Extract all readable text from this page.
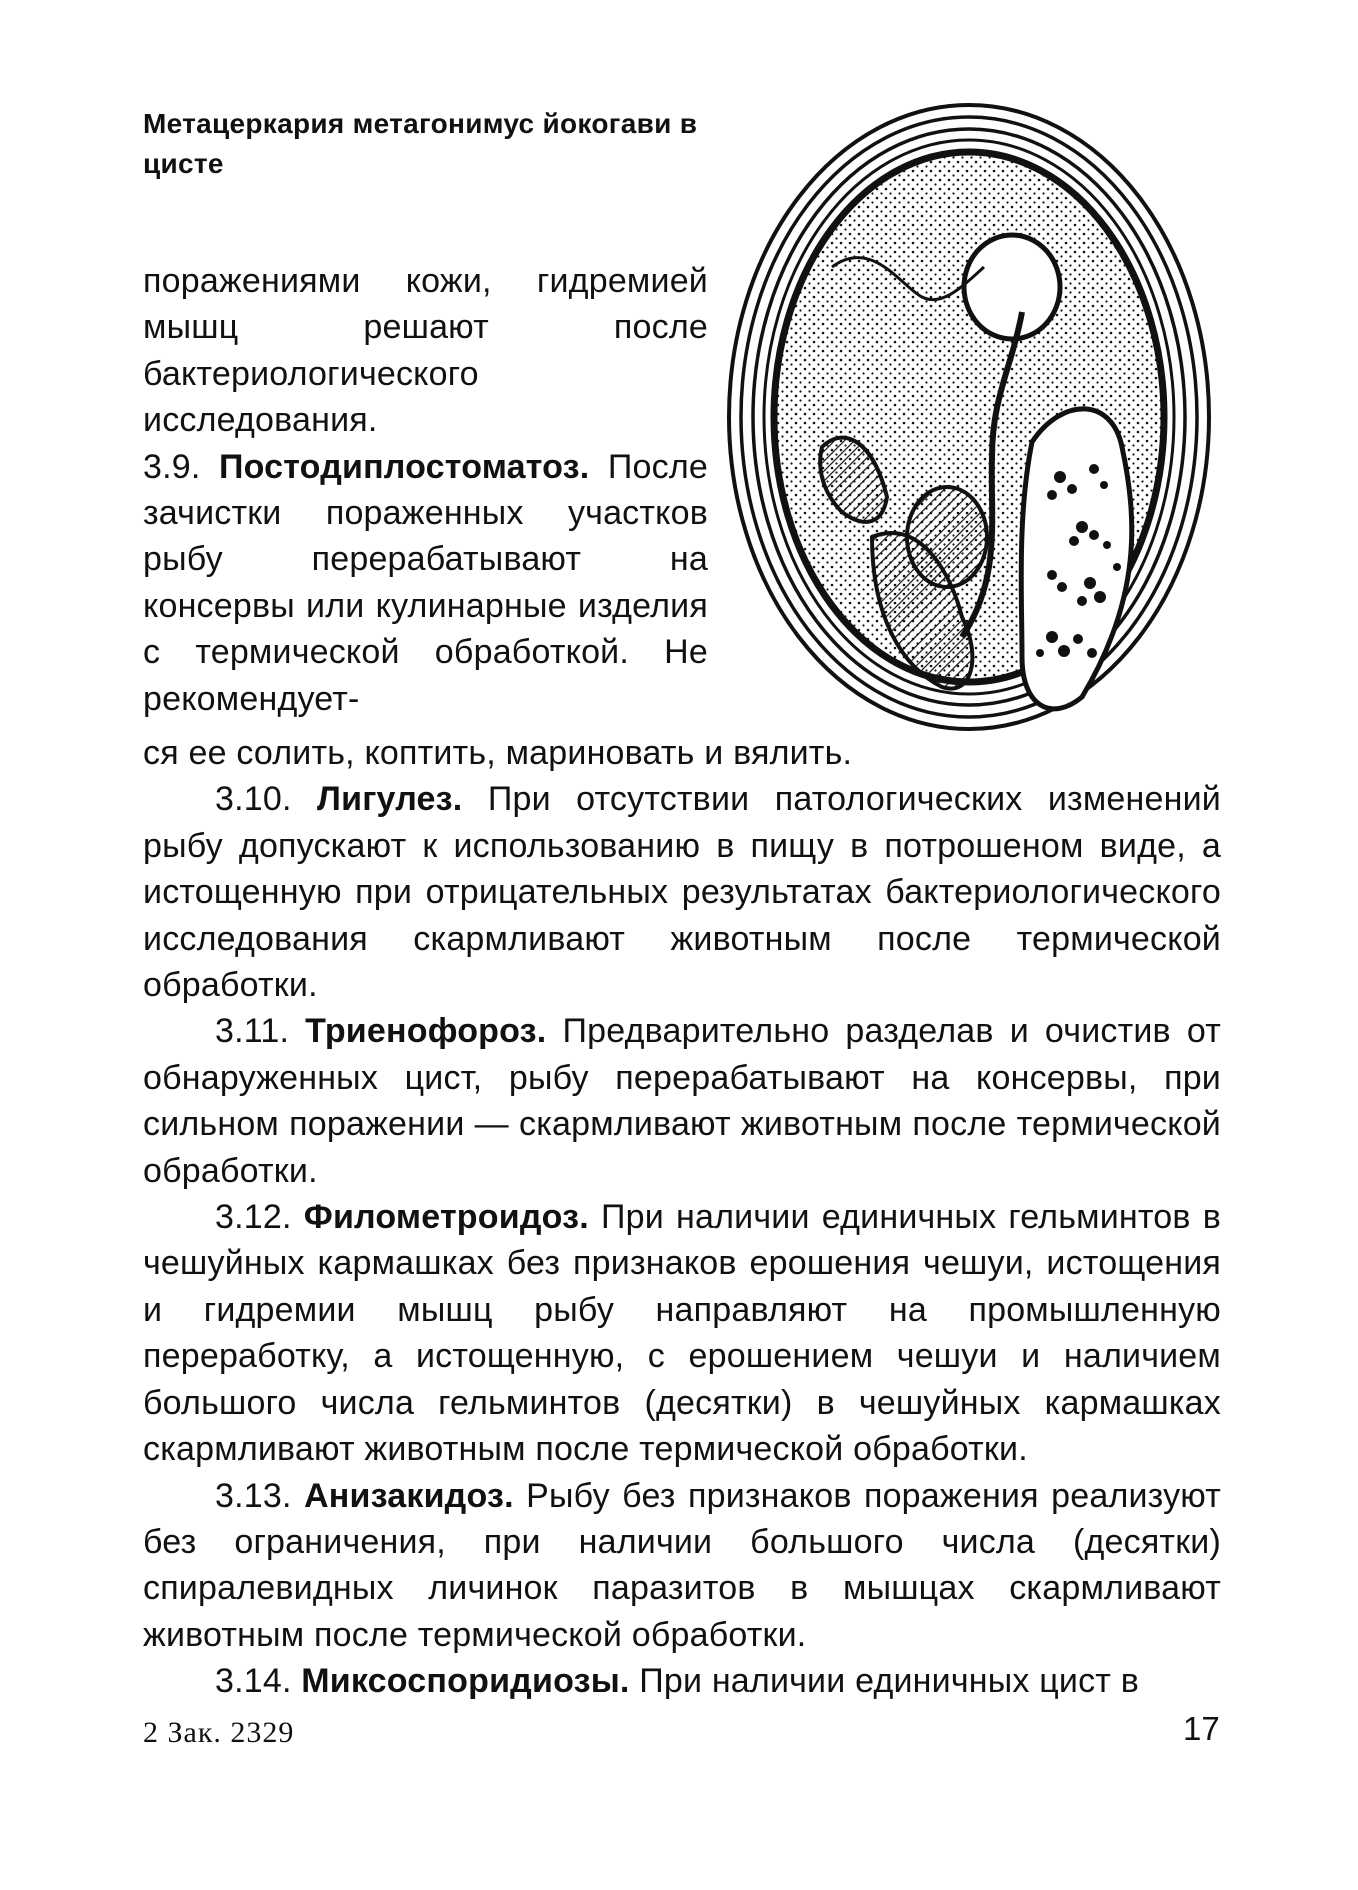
Метацеркария метагонимус йокогави в цисте

поражениями кожи, гидремией мышц решают после бактериологического исследования.

3.9. Постодиплостоматоз. После зачистки пораженных участков рыбу перерабатывают на консервы или кулинарные изделия с термической обработкой. Не рекомендует-

ся ее солить, коптить, мариновать и вялить.

3.10. Лигулез. При отсутствии патологических изменений рыбу допускают к использованию в пищу в потрошеном виде, а истощенную при отрицательных результатах бактериологического исследования скармливают животным после термической обработки.

3.11. Триенофороз. Предварительно разделав и очистив от обнаруженных цист, рыбу перерабатывают на консервы, при сильном поражении — скармливают животным после термической обработки.

3.12. Филометроидоз. При наличии единичных гельминтов в чешуйных кармашках без признаков ерошения чешуи, истощения и гидремии мышц рыбу направляют на промышленную переработку, а истощенную, с ерошением чешуи и наличием большого числа гельминтов (десятки) в чешуйных кармашках скармливают животным после термической обработки.

3.13. Анизакидоз. Рыбу без признаков поражения реализуют без ограничения, при наличии большого числа (десятки) спиралевидных личинок паразитов в мышцах скармливают животным после термической обработки.

3.14. Миксоспоридиозы. При наличии единичных цист в

2 Зак. 2329	17
